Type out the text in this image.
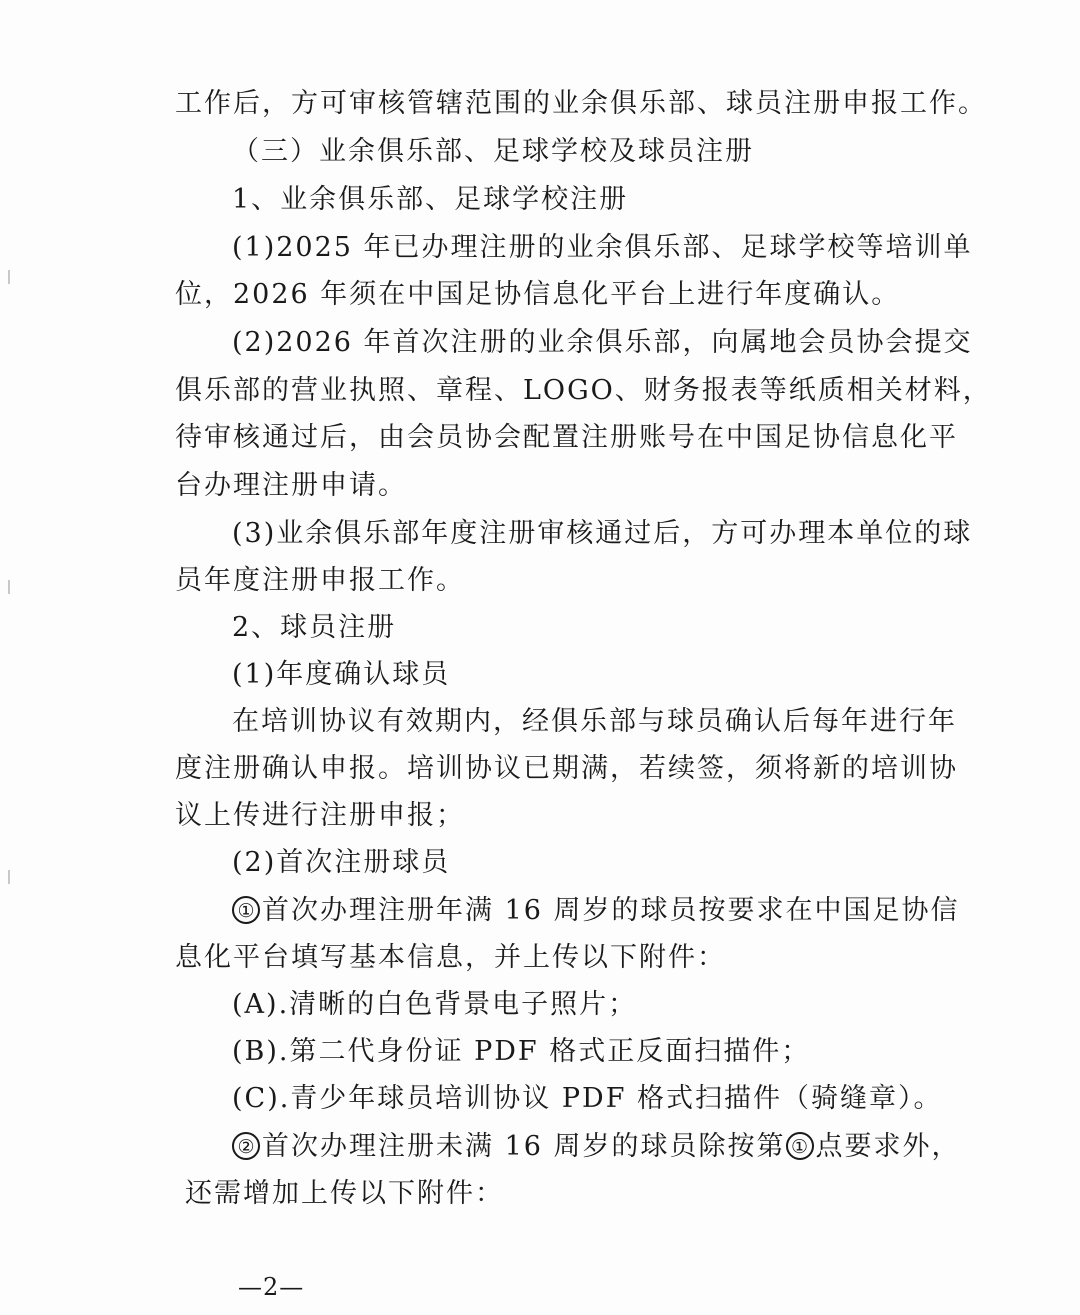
工作后，方可审核管辖范围的业余俱乐部、球员注册申报工作。
（三）业余俱乐部、足球学校及球员注册
1、业余俱乐部、足球学校注册
(1)2025 年已办理注册的业余俱乐部、足球学校等培训单
位，2026 年须在中国足协信息化平台上进行年度确认。
(2)2026 年首次注册的业余俱乐部，向属地会员协会提交
俱乐部的营业执照、章程、LOGO、财务报表等纸质相关材料，
待审核通过后，由会员协会配置注册账号在中国足协信息化平
台办理注册申请。
(3)业余俱乐部年度注册审核通过后，方可办理本单位的球
员年度注册申报工作。
2、球员注册
(1)年度确认球员
在培训协议有效期内，经俱乐部与球员确认后每年进行年
度注册确认申报。培训协议已期满，若续签，须将新的培训协
议上传进行注册申报；
(2)首次注册球员
① 首次办理注册年满 16 周岁的球员按要求在中国足协信
息化平台填写基本信息，并上传以下附件：
(A).清晰的白色背景电子照片；
(B).第二代身份证 PDF 格式正反面扫描件；
(C).青少年球员培训协议 PDF 格式扫描件（骑缝章）。
② 首次办理注册未满 16 周岁的球员除按第 ① 点要求外，
还需增加上传以下附件：
—2—
